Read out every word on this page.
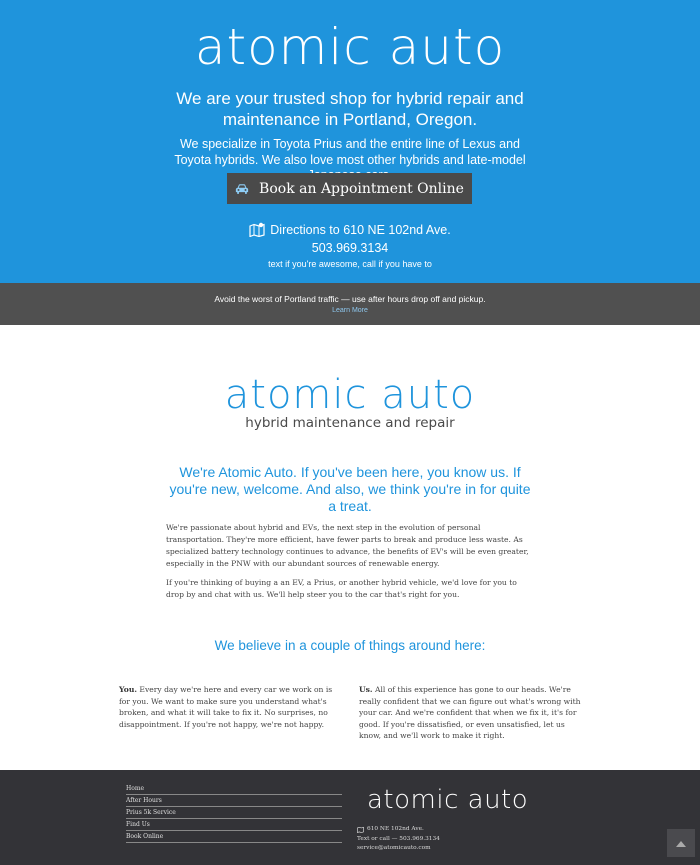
atomic auto
We are your trusted shop for hybrid repair and maintenance in Portland, Oregon.

We specialize in Toyota Prius and the entire line of Lexus and Toyota hybrids. We also love most other hybrids and late-model

Book an Appointment Online
Directions to 610 NE 102nd Ave.
503.969.3134
text if you're awesome, call if you have to
Avoid the worst of Portland traffic — use after hours drop off and pickup.
Learn More
atomic auto
hybrid maintenance and repair
We're Atomic Auto. If you've been here, you know us. If you're new, welcome. And also, we think you're in for quite a treat.

We're passionate about hybrid and EVs, the next step in the evolution of personal transportation. They're more efficient, have fewer parts to break and produce less waste. As specialized battery technology continues to advance, the benefits of EV's will be even greater, especially in the PNW with our abundant sources of renewable energy.

If you're thinking of buying a an EV, a Prius, or another hybrid vehicle, we'd love for you to drop by and chat with us. We'll help steer you to the car that's right for you.

We believe in a couple of things around here:

You. Every day we're here and every car we work on is for you. We want to make sure you understand what's broken, and what it will take to fix it. No surprises, no disappointment. If you're not happy, we're not happy.

Us. All of this experience has gone to our heads. We're really confident that we can figure out what's wrong with your car. And we're confident that when we fix it, it's for good. If you're dissatisfied, or even unsatisfied, let us know, and we'll work to make it right.

Home
After Hours
Prius 5k Service
Find Us
Book Online
atomic auto
610 NE 102nd Ave.
Text or call — 503.969.3134
service@atomicauto.com
